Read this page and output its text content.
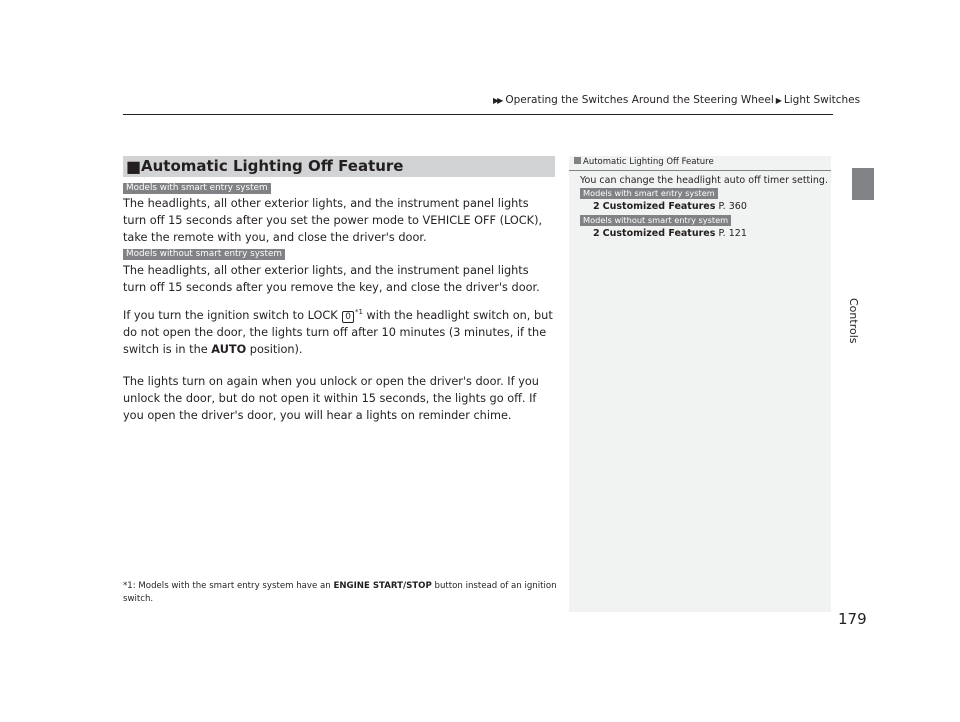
▶▶ Operating the Switches Around the Steering Wheel ▶ Light Switches
Controls
■ Automatic Lighting Off Feature
Models with smart entry system
The headlights, all other exterior lights, and the instrument panel lights turn off 15 seconds after you set the power mode to VEHICLE OFF (LOCK), take the remote with you, and close the driver's door.
Models without smart entry system
The headlights, all other exterior lights, and the instrument panel lights turn off 15 seconds after you remove the key, and close the driver's door.
If you turn the ignition switch to LOCK 0 $^{*1}$ with the headlight switch on, but do not open the door, the lights turn off after 10 minutes (3 minutes, if the switch is in the AUTO position).
The lights turn on again when you unlock or open the driver's door. If you unlock the door, but do not open it within 15 seconds, the lights go off. If you open the driver's door, you will hear a lights on reminder chime.
*1: Models with the smart entry system have an ENGINE START/STOP button instead of an ignition switch.
Automatic Lighting Off Feature
You can change the headlight auto off timer setting.
Models with smart entry system
2 Customized Features P. 360
Models without smart entry system
2 Customized Features P. 121
179
